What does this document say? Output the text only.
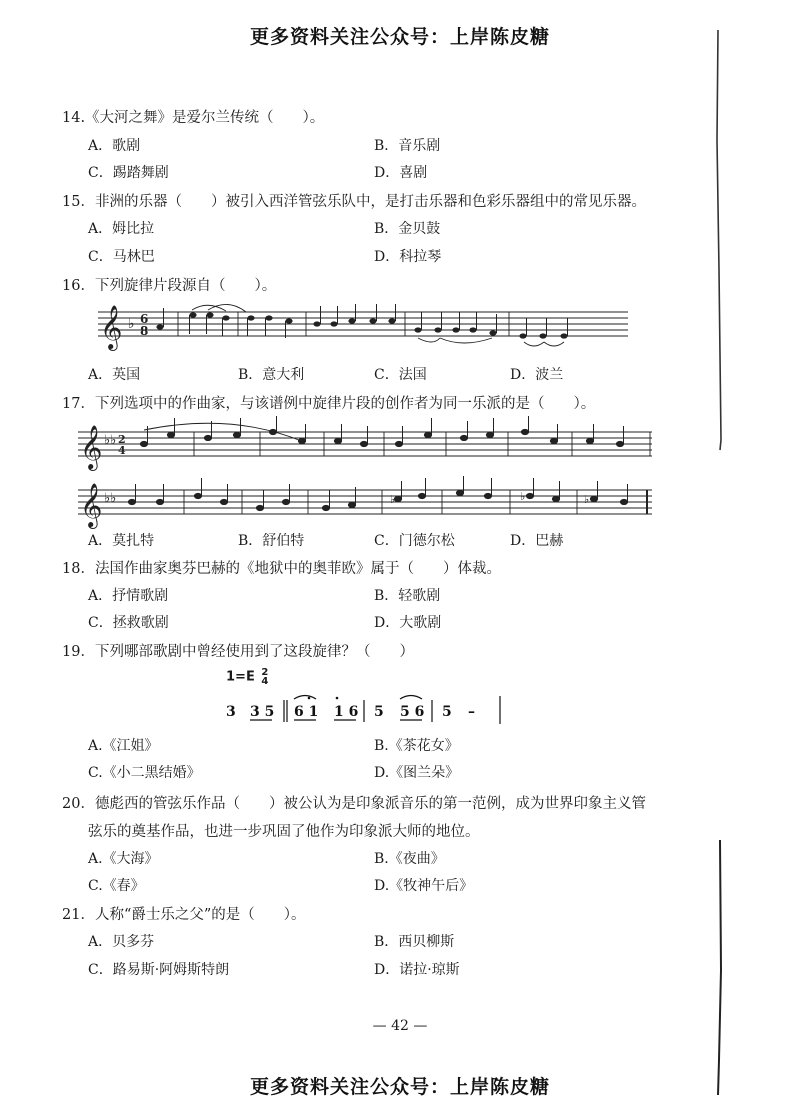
更多资料关注公众号：上岸陈皮糖
14.《大河之舞》是爱尔兰传统（　　）。
A．歌剧	B．音乐剧
C．踢踏舞剧	D．喜剧
15．非洲的乐器（　　）被引入西洋管弦乐队中，是打击乐器和色彩乐器组中的常见乐器。
A．姆比拉	B．金贝鼓
C．马林巴	D．科拉琴
16．下列旋律片段源自（　　）。
𝄞 ♭ 6
8
A．英国	B．意大利	C．法国	D．波兰
17．下列选项中的作曲家，与该谱例中旋律片段的创作者为同一乐派的是（　　）。
𝄞
𝄞
♭♭
♭♭
2
4
♭	♭	♭
A．莫扎特	B．舒伯特	C．门德尔松	D．巴赫
18．法国作曲家奥芬巴赫的《地狱中的奥菲欧》属于（　　）体裁。
A．抒情歌剧	B．轻歌剧
C．拯救歌剧	D．大歌剧
19．下列哪部歌剧中曾经使用到了这段旋律？（　　）
1=E 2
4
3 3 5 6 1 1 6 5 5 6 5 –
A.《江姐》	B.《茶花女》
C.《小二黑结婚》	D.《图兰朵》
20．德彪西的管弦乐作品（　　）被公认为是印象派音乐的第一范例，成为世界印象主义管
弦乐的奠基作品，也进一步巩固了他作为印象派大师的地位。
A.《大海》	B.《夜曲》
C.《春》	D.《牧神午后》
21．人称“爵士乐之父”的是（　　）。
A．贝多芬	B．西贝柳斯
C．路易斯·阿姆斯特朗	D．诺拉·琼斯
— 42 —
更多资料关注公众号：上岸陈皮糖
